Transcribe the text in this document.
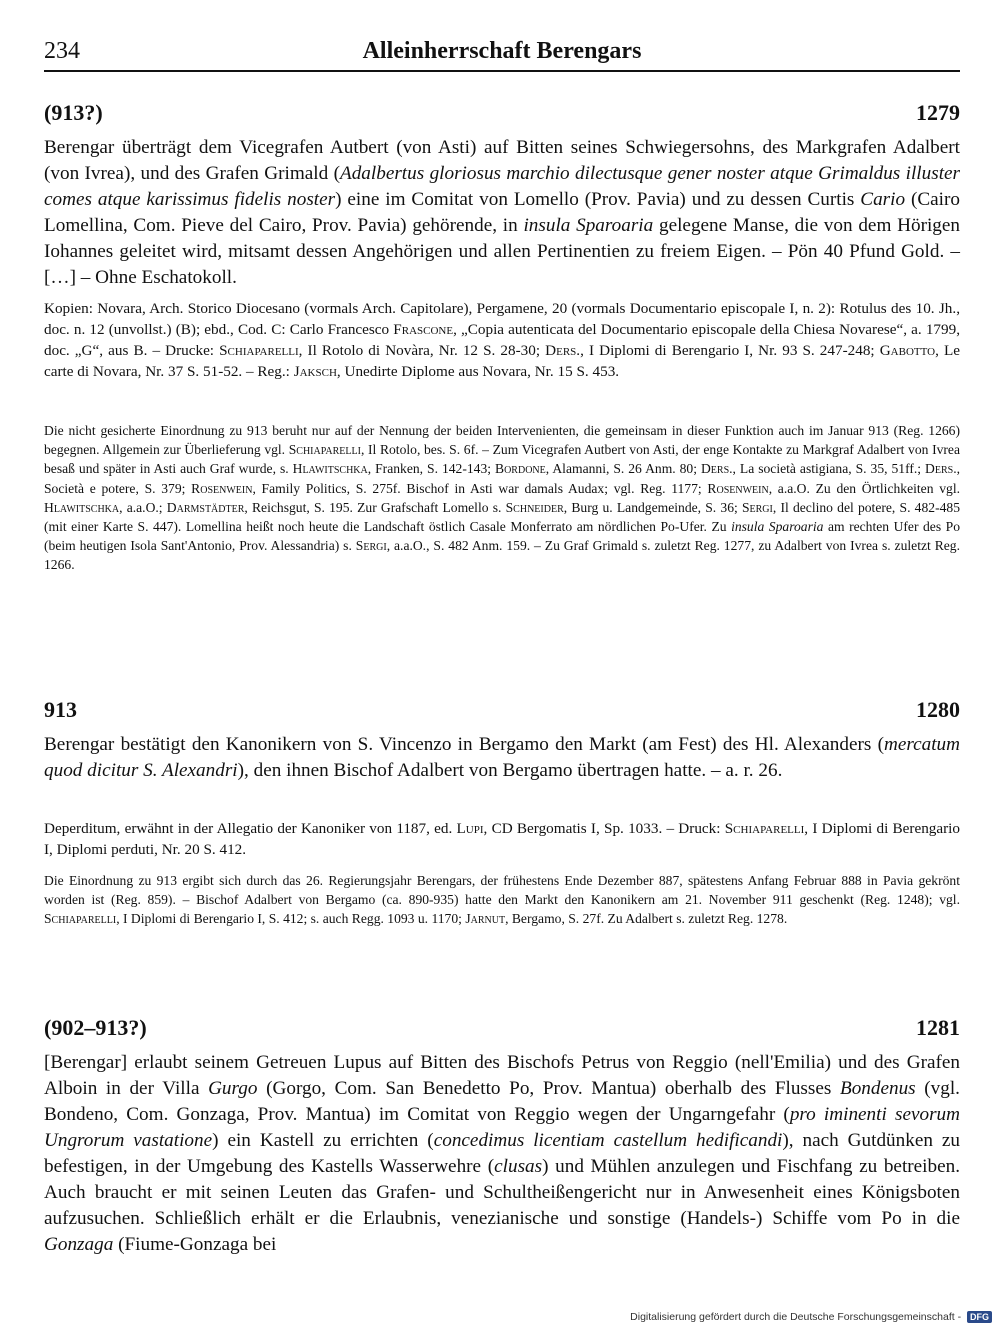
234	Alleinherrschaft Berengars
(913?)	1279

Berengar überträgt dem Vicegrafen Autbert (von Asti) auf Bitten seines Schwiegersohns, des Markgrafen Adalbert (von Ivrea), und des Grafen Grimald (Adalbertus gloriosus marchio dilectusque gener noster atque Grimaldus illuster comes atque karissimus fidelis noster) eine im Comitat von Lomello (Prov. Pavia) und zu dessen Curtis Cario (Cairo Lomellina, Com. Pieve del Cairo, Prov. Pavia) gehörende, in insula Sparoaria gelegene Manse, die von dem Hörigen Iohannes geleitet wird, mitsamt dessen Angehörigen und allen Pertinentien zu freiem Eigen. – Pön 40 Pfund Gold. – […] – Ohne Eschatokoll.

Kopien: Novara, Arch. Storico Diocesano (vormals Arch. Capitolare), Pergamene, 20 (vormals Documentario episcopale I, n. 2): Rotulus des 10. Jh., doc. n. 12 (unvollst.) (B); ebd., Cod. C: Carlo Francesco Frascone, „Copia autenticata del Documentario episcopale della Chiesa Novarese“, a. 1799, doc. „G“, aus B. – Drucke: Schiaparelli, Il Rotolo di Novàra, Nr. 12 S. 28-30; Ders., I Diplomi di Berengario I, Nr. 93 S. 247-248; Gabotto, Le carte di Novara, Nr. 37 S. 51-52. – Reg.: Jaksch, Unedirte Diplome aus Novara, Nr. 15 S. 453.

Die nicht gesicherte Einordnung zu 913 beruht nur auf der Nennung der beiden Intervenienten, die gemeinsam in dieser Funktion auch im Januar 913 (Reg. 1266) begegnen. Allgemein zur Überlieferung vgl. Schiaparelli, Il Rotolo, bes. S. 6f. – Zum Vicegrafen Autbert von Asti, der enge Kontakte zu Markgraf Adalbert von Ivrea besaß und später in Asti auch Graf wurde, s. Hlawitschka, Franken, S. 142-143; Bordone, Alamanni, S. 26 Anm. 80; Ders., La società astigiana, S. 35, 51ff.; Ders., Società e potere, S. 379; Rosenwein, Family Politics, S. 275f. Bischof in Asti war damals Audax; vgl. Reg. 1177; Rosenwein, a.a.O. Zu den Örtlichkeiten vgl. Hlawitschka, a.a.O.; Darmstädter, Reichsgut, S. 195. Zur Grafschaft Lomello s. Schneider, Burg u. Landgemeinde, S. 36; Sergi, Il declino del potere, S. 482-485 (mit einer Karte S. 447). Lomellina heißt noch heute die Landschaft östlich Casale Monferrato am nördlichen Po-Ufer. Zu insula Sparoaria am rechten Ufer des Po (beim heutigen Isola Sant'Antonio, Prov. Alessandria) s. Sergi, a.a.O., S. 482 Anm. 159. – Zu Graf Grimald s. zuletzt Reg. 1277, zu Adalbert von Ivrea s. zuletzt Reg. 1266.

913	1280

Berengar bestätigt den Kanonikern von S. Vincenzo in Bergamo den Markt (am Fest) des Hl. Alexanders (mercatum quod dicitur S. Alexandri), den ihnen Bischof Adalbert von Bergamo übertragen hatte. – a. r. 26.

Deperditum, erwähnt in der Allegatio der Kanoniker von 1187, ed. Lupi, CD Bergomatis I, Sp. 1033. – Druck: Schiaparelli, I Diplomi di Berengario I, Diplomi perduti, Nr. 20 S. 412.

Die Einordnung zu 913 ergibt sich durch das 26. Regierungsjahr Berengars, der frühestens Ende Dezember 887, spätestens Anfang Februar 888 in Pavia gekrönt worden ist (Reg. 859). – Bischof Adalbert von Bergamo (ca. 890-935) hatte den Markt den Kanonikern am 21. November 911 geschenkt (Reg. 1248); vgl. Schiaparelli, I Diplomi di Berengario I, S. 412; s. auch Regg. 1093 u. 1170; Jarnut, Bergamo, S. 27f. Zu Adalbert s. zuletzt Reg. 1278.

(902–913?)	1281

[Berengar] erlaubt seinem Getreuen Lupus auf Bitten des Bischofs Petrus von Reggio (nell'Emilia) und des Grafen Alboin in der Villa Gurgo (Gorgo, Com. San Benedetto Po, Prov. Mantua) oberhalb des Flusses Bondenus (vgl. Bondeno, Com. Gonzaga, Prov. Mantua) im Comitat von Reggio wegen der Ungarngefahr (pro iminenti sevorum Ungrorum vastatione) ein Kastell zu errichten (concedimus licentiam castellum hedificandi), nach Gutdünken zu befestigen, in der Umgebung des Kastells Wasserwehre (clusas) und Mühlen anzulegen und Fischfang zu betreiben. Auch braucht er mit seinen Leuten das Grafen- und Schultheißengericht nur in Anwesenheit eines Königsboten aufzusuchen. Schließlich erhält er die Erlaubnis, venezianische und sonstige (Handels-) Schiffe vom Po in die Gonzaga (Fiume-Gonzaga bei

Digitalisierung gefördert durch die Deutsche Forschungsgemeinschaft - DFG
